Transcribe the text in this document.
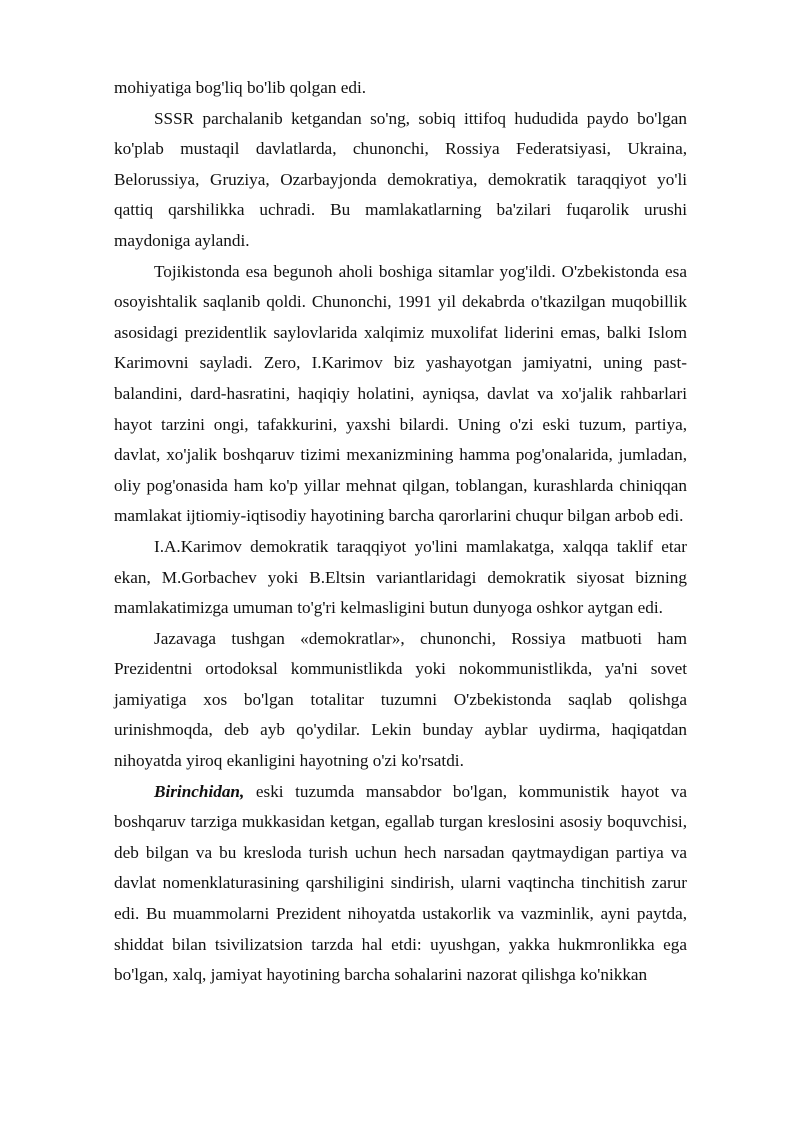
mohiyatiga bog'liq bo'lib qolgan edi.

SSSR parchalanib ketgandan so'ng, sobiq ittifoq hududida paydo bo'lgan ko'plab mustaqil davlatlarda, chunonchi, Rossiya Federatsiyasi, Ukraina, Belorussiya, Gruziya, Ozarbayjonda demokratiya, demokratik taraqqiyot yo'li qattiq qarshilikka uchradi. Bu mamlakatlarning ba'zilari fuqarolik urushi maydoniga aylandi.

Tojikistonda esa begunoh aholi boshiga sitamlar yog'ildi. O'zbekistonda esa osoyishtalik saqlanib qoldi. Chunonchi, 1991 yil dekabrda o'tkazilgan muqobillik asosidagi prezidentlik saylovlarida xalqimiz muxolifat liderini emas, balki Islom Karimovni sayladi. Zero, I.Karimov biz yashayotgan jamiyatni, uning past-balandini, dard-hasratini, haqiqiy holatini, ayniqsa, davlat va xo'jalik rahbarlari hayot tarzini ongi, tafakkurini, yaxshi bilardi. Uning o'zi eski tuzum, partiya, davlat, xo'jalik boshqaruv tizimi mexanizmining hamma pog'onalarida, jumladan, oliy pog'onasida ham ko'p yillar mehnat qilgan, toblangan, kurashlarda chiniqqan mamlakat ijtiomiy-iqtisodiy hayotining barcha qarorlarini chuqur bilgan arbob edi.

I.A.Karimov demokratik taraqqiyot yo'lini mamlakatga, xalqqa taklif etar ekan, M.Gorbachev yoki B.Eltsin variantlaridagi demokratik siyosat bizning mamlakatimizga umuman to'g'ri kelmasligini butun dunyoga oshkor aytgan edi.

Jazavaga tushgan «demokratlar», chunonchi, Rossiya matbuoti ham Prezidentni ortodoksal kommunistlikda yoki nokommunistlikda, ya'ni sovet jamiyatiga xos bo'lgan totalitar tuzumni O'zbekistonda saqlab qolishga urinishmoqda, deb ayb qo'ydilar. Lekin bunday ayblar uydirma, haqiqatdan nihoyatda yiroq ekanligini hayotning o'zi ko'rsatdi.

Birinchidan, eski tuzumda mansabdor bo'lgan, kommunistik hayot va boshqaruv tarziga mukkasidan ketgan, egallab turgan kreslosini asosiy boquvchisi, deb bilgan va bu kresloda turish uchun hech narsadan qaytmaydigan partiya va davlat nomenklaturasining qarshiligini sindirish, ularni vaqtincha tinchitish zarur edi. Bu muammolarni Prezident nihoyatda ustakorlik va vazminlik, ayni paytda, shiddat bilan tsivilizatsion tarzda hal etdi: uyushgan, yakka hukmronlikka ega bo'lgan, xalq, jamiyat hayotining barcha sohalarini nazorat qilishga ko'nikkan
